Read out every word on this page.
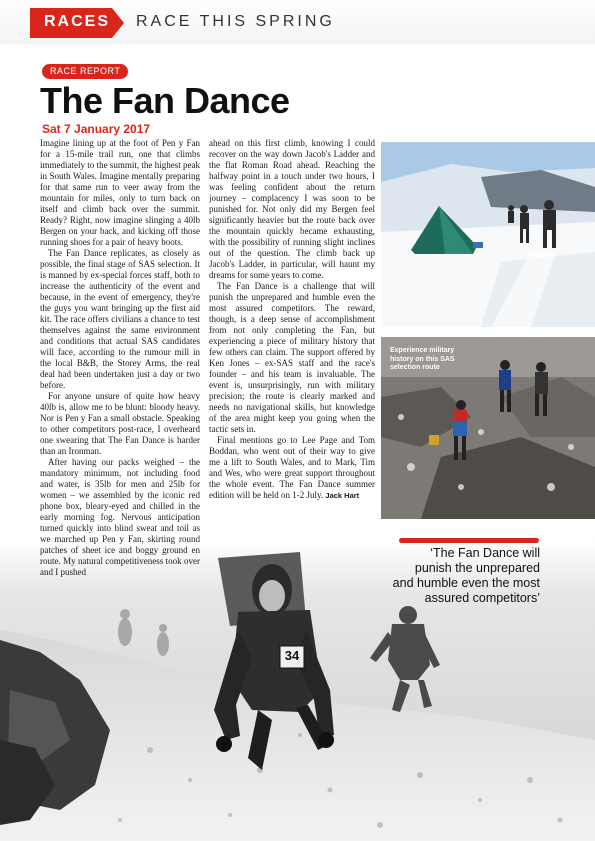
RACES RACE THIS SPRING
RACE REPORT
The Fan Dance
Sat 7 January 2017
34

Imagine lining up at the foot of Pen y Fan for a 15-mile trail run, one that climbs immediately to the summit, the highest peak in South Wales. Imagine mentally preparing for that same run to veer away from the mountain for miles, only to turn back on itself and climb back over the summit. Ready? Right, now imagine slinging a 40lb Bergen on your back, and kicking off those running shoes for a pair of heavy boots.

The Fan Dance replicates, as closely as possible, the final stage of SAS selection. It is manned by ex-special forces staff, both to increase the authenticity of the event and because, in the event of emergency, they're the guys you want bringing up the first aid kit. The race offers civilians a chance to test themselves against the same environment and conditions that actual SAS candidates will face, according to the rumour mill in the local B&B, the Storey Arms, the real deal had been undertaken just a day or two before.

For anyone unsure of quite how heavy 40lb is, allow me to be blunt: bloody heavy. Nor is Pen y Fan a small obstacle. Speaking to other competitors post-race, I overheard one swearing that The Fan Dance is harder than an Ironman.

After having our packs weighed – the mandatory minimum, not including food and water, is 35lb for men and 25lb for women – we assembled by the iconic red phone box, bleary-eyed and chilled in the early morning fog. Nervous anticipation turned quickly into blind sweat and toil as we marched up Pen y Fan, skirting round patches of sheet ice and boggy ground en route. My natural competitiveness took over and I pushed

ahead on this first climb, knowing I could recover on the way down Jacob's Ladder and the flat Roman Road ahead. Reaching the halfway point in a touch under two hours, I was feeling confident about the return journey – complacency I was soon to be punished for. Not only did my Bergen feel significantly heavier but the route back over the mountain quickly became exhausting, with the possibility of running slight inclines out of the question. The climb back up Jacob's Ladder, in particular, will haunt my dreams for some years to come.

The Fan Dance is a challenge that will punish the unprepared and humble even the most assured competitors. The reward, though, is a deep sense of accomplishment from not only completing the Fan, but experiencing a piece of military history that few others can claim. The support offered by Ken Jones – ex-SAS staff and the race's founder – and his team is invaluable. The event is, unsurprisingly, run with military precision; the route is clearly marked and needs no navigational skills, but knowledge of the area might keep you going when the tactic sets in.

Final mentions go to Lee Page and Tom Boddan, who went out of their way to give me a lift to South Wales, and to Mark, Tim and Wes, who were great support throughout the whole event. The Fan Dance summer edition will be held on 1-2 July. Jack Hart

Experience military history on this SAS selection route
‘The Fan Dance will punish the unprepared and humble even the most assured competitors’
